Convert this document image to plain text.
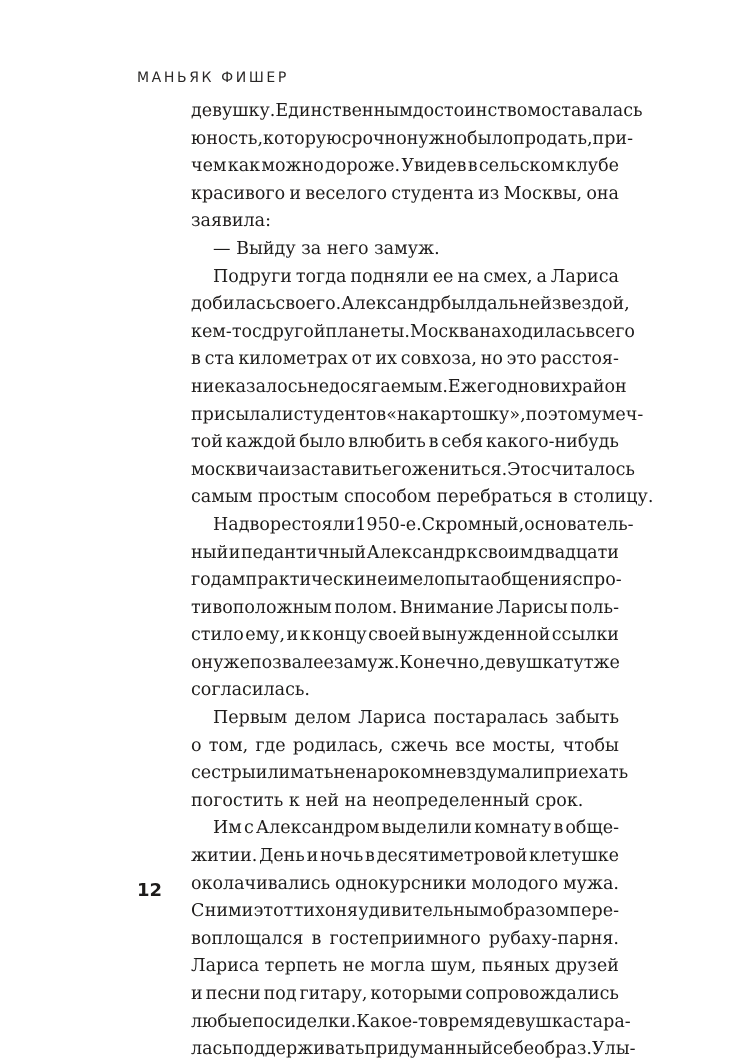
МАНЬЯК ФИШЕР
девушку. Единственным достоинством оставалась
юность, которую срочно нужно было продать, при-
чем как можно дороже. Увидев в сельском клубе
красивого и веселого студента из Москвы, она
заявила:
— Выйду за него замуж.
Подруги тогда подняли ее на смех, а Лариса
добилась своего. Александр был дальней звездой,
кем-то с другой планеты. Москва находилась всего
в ста километрах от их совхоза, но это расстоя-
ние казалось недосягаемым. Ежегодно в их район
присылали студентов «на картошку», поэтому меч-
той каждой было влюбить в себя какого-нибудь
москвича и заставить его жениться. Это считалось
самым простым способом перебраться в столицу.
На дворе стояли 1950-е. Скромный, основатель-
ный и педантичный Александр к своим двадцати
годам практически не имел опыта общения с про-
тивоположным полом. Внимание Ларисы поль-
стило ему, и к концу своей вынужденной ссылки
он уже позвал ее замуж. Конечно, девушка тут же
согласилась.
Первым делом Лариса постаралась забыть
о том, где родилась, сжечь все мосты, чтобы
сестры или мать ненароком не вздумали приехать
погостить к ней на неопределенный срок.
Им с Александром выделили комнату в обще-
житии. День и ночь в десятиметровой клетушке
околачивались однокурсники молодого мужа.
С ними этот тихоня удивительным образом пере-
воплощался в гостеприимного рубаху-парня.
Лариса терпеть не могла шум, пьяных друзей
и песни под гитару, которыми сопровождались
любые посиделки. Какое-то время девушка стара-
лась поддерживать придуманный себе образ. Улы-
12
